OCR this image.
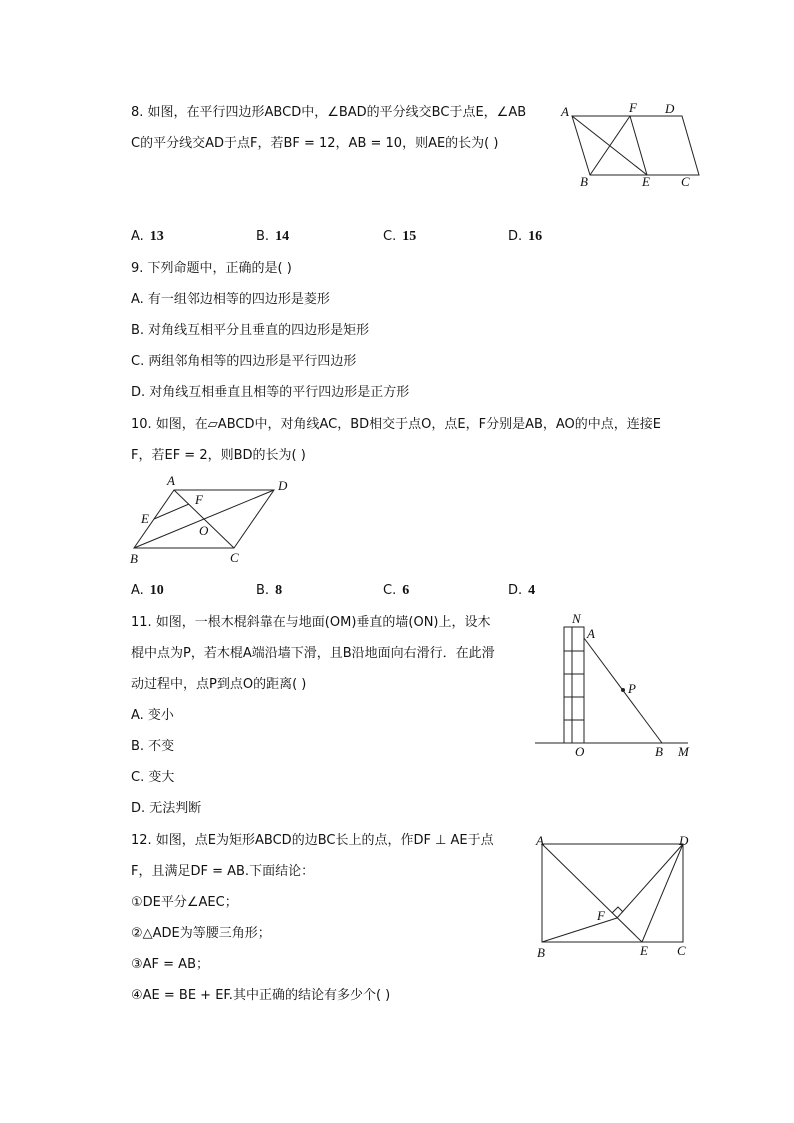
8. 如图，在平行四边形ABCD中，∠BAD的平分线交BC于点E，∠AB
C的平分线交AD于点F，若BF = 12，AB = 10，则AE的长为( )
A	F D
B	E C
A. 13	B. 14	C. 15	D. 16
9. 下列命题中，正确的是( )
A. 有一组邻边相等的四边形是菱形
B. 对角线互相平分且垂直的四边形是矩形
C. 两组邻角相等的四边形是平行四边形
D. 对角线互相垂直且相等的平行四边形是正方形
10. 如图，在▱ABCD中，对角线AC，BD相交于点O，点E，F分别是AB，AO的中点，连接E
F，若EF = 2，则BD的长为( )
A
F
D
E
O
B	C
A. 10	B. 8	C. 6	D. 4
11. 如图，一根木棍斜靠在与地面(OM)垂直的墙(ON)上，设木
棍中点为P，若木棍A端沿墙下滑，且B沿地面向右滑行．在此滑
动过程中，点P到点O的距离( )
A. 变小
B. 不变
C. 变大
D. 无法判断
N
A
P
O	B M
12. 如图，点E为矩形ABCD的边BC长上的点，作DF ⊥ AE于点
F，且满足DF = AB.下面结论：
①DE平分∠AEC；
②△ADE为等腰三角形；
③AF = AB；
④AE = BE + EF.其中正确的结论有多少个( )
A	D
F
B	E C
